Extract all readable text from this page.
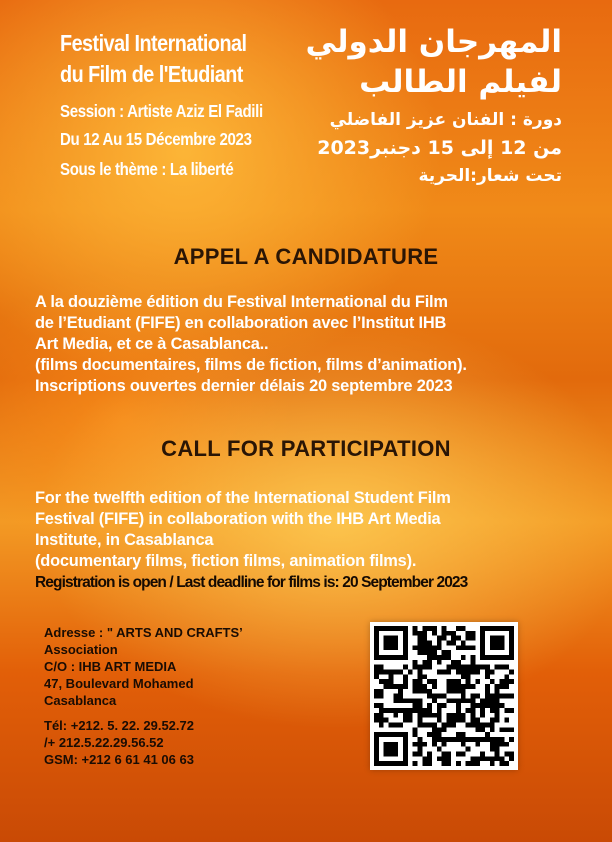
Festival International
du Film de l'Etudiant
Session : Artiste Aziz El Fadili
Du 12 Au 15 Décembre 2023
Sous le thème : La liberté
المهرجان الدولي
لفيلم الطالب
دورة : الفنان عزيز الفاضلي
من 12 إلى 15 دجنبر2023
تحت شعار:الحرية
APPEL A CANDIDATURE
A la douzième édition du Festival International du Film
de l’Etudiant (FIFE) en collaboration avec l’Institut IHB
Art Media, et ce à Casablanca..
(films documentaires, films de fiction, films d’animation).
Inscriptions ouvertes dernier délais 20 septembre 2023
CALL FOR PARTICIPATION
For the twelfth edition of the International Student Film
Festival (FIFE) in collaboration with the IHB Art Media
Institute, in Casablanca
(documentary films, fiction films, animation films).
Registration is open / Last deadline for films is: 20 September 2023
Adresse : " ARTS AND CRAFTS’
Association
C/O : IHB ART MEDIA
47, Boulevard Mohamed
Casablanca
Tél: +212. 5. 22. 29.52.72
/+ 212.5.22.29.56.52
GSM: +212 6 61 41 06 63
